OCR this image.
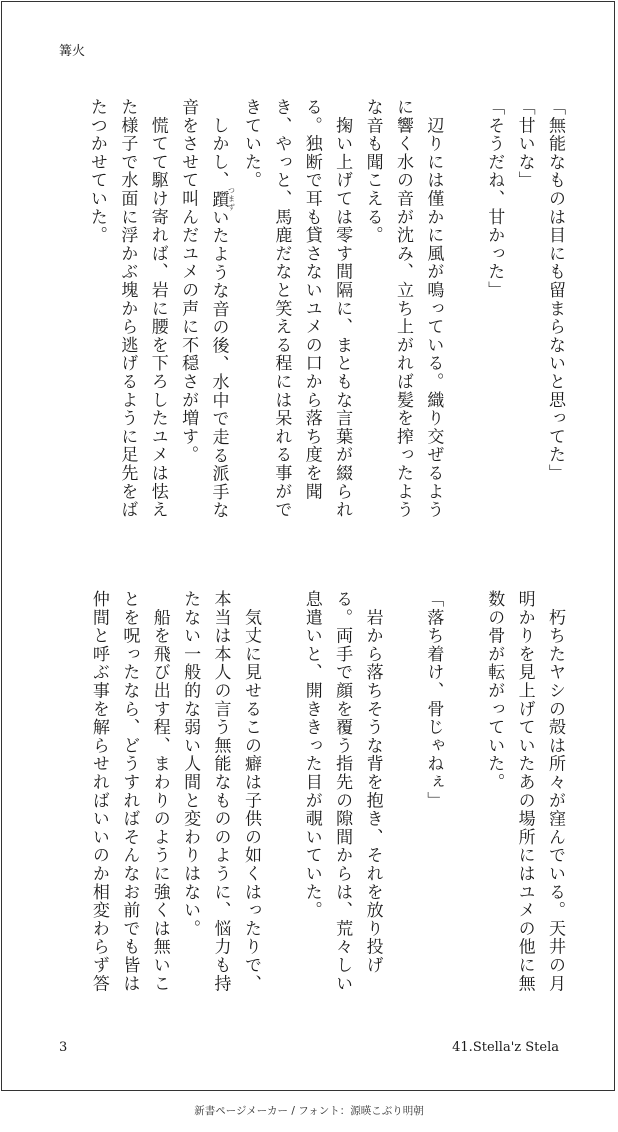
篝火

「無能なものは目にも留まらないと思ってた」

「甘いな」

「そうだね、甘かった」

　辺りには僅かに風が鳴っている。織り交ぜるように響く水の音が沈み、立ち上がれば髪を搾ったような音も聞こえる。

　掬い上げては零す間隔に、まともな言葉が綴られる。独断で耳も貸さないユメの口から落ち度を聞き、やっと、馬鹿だなと笑える程には呆れる事ができていた。

　しかし、躓 つまずいたような音の後、水中で走る派手な音をさせて叫んだユメの声に不穏さが増す。

　慌てて駆け寄れば、岩に腰を下ろしたユメは怯えた様子で水面に浮かぶ塊から逃げるように足先をばたつかせていた。

　朽ちたヤシの殻は所々が窪んでいる。天井の月明かりを見上げていたあの場所にはユメの他に無数の骨が転がっていた。

「落ち着け、骨じゃねぇ」

　岩から落ちそうな背を抱き、それを放り投げる。両手で顔を覆う指先の隙間からは、荒々しい息遣いと、開ききった目が覗いていた。

　気丈に見せるこの癖は子供の如くはったりで、本当は本人の言う無能なもののように、悩力も持たない一般的な弱い人間と変わりはない。

　船を飛び出す程、まわりのように強くは無いことを呪ったなら、どうすればそんなお前でも皆は仲間と呼ぶ事を解らせればいいのか相変わらず答

3	41.Stella'z Stela
新書ページメーカー / フォント：源暎こぶり明朝
